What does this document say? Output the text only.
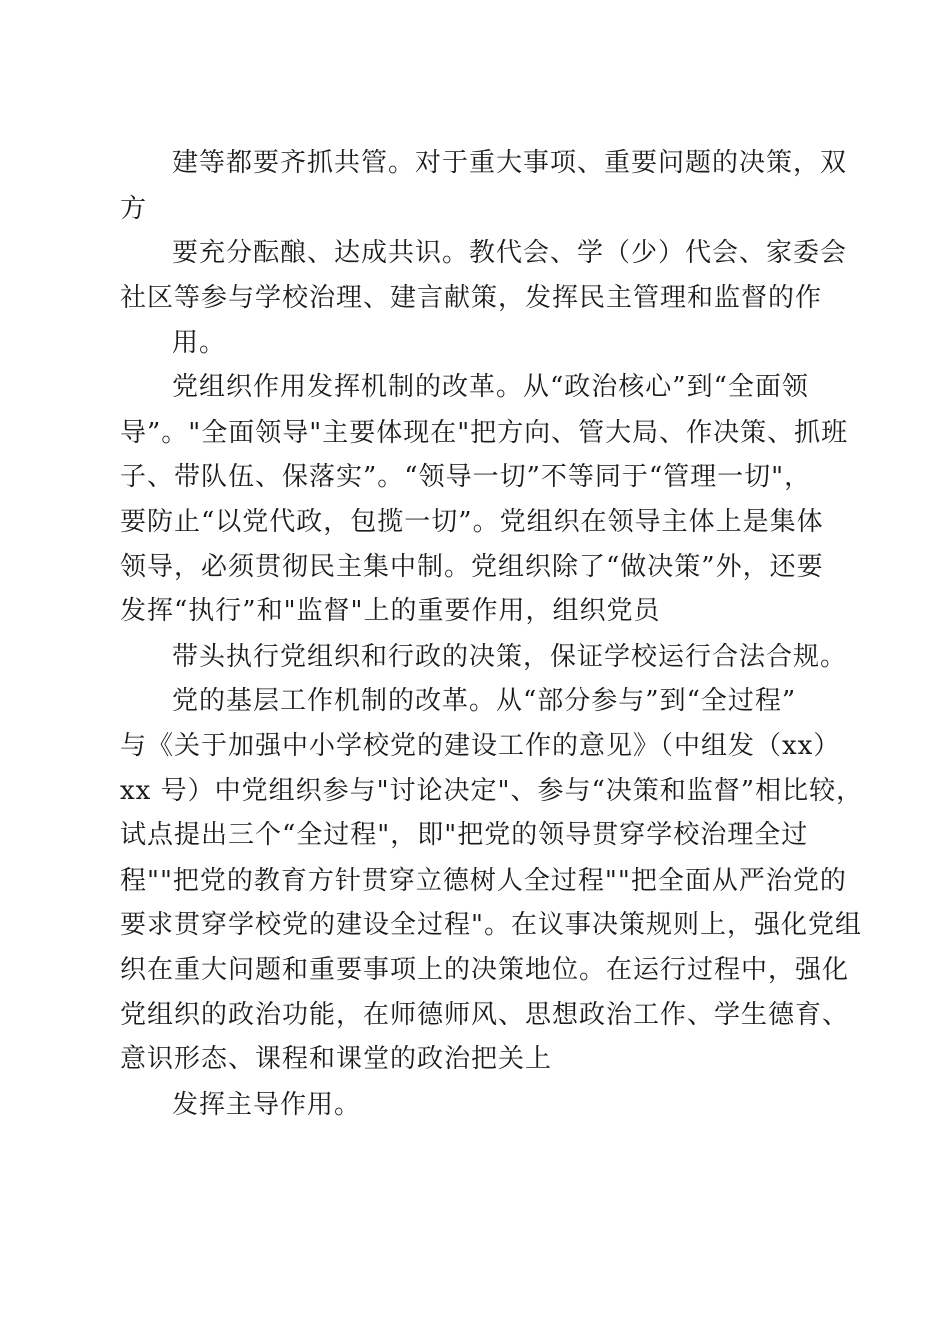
建等都要齐抓共管。对于重大事项、重要问题的决策，双
方
要充分酝酿、达成共识。教代会、学（少）代会、家委会
社区等参与学校治理、建言献策，发挥民主管理和监督的作
用。
党组织作用发挥机制的改革。从“政治核心”到“全面领
导”。"全面领导"主要体现在"把方向、管大局、作决策、抓班
子、带队伍、保落实”。“领导一切”不等同于“管理一切"，
要防止“以党代政，包揽一切”。党组织在领导主体上是集体
领导，必须贯彻民主集中制。党组织除了“做决策”外，还要
发挥“执行”和"监督"上的重要作用，组织党员
带头执行党组织和行政的决策，保证学校运行合法合规。
党的基层工作机制的改革。从“部分参与”到“全过程”
与《关于加强中小学校党的建设工作的意见》（中组发（xx）
xx 号）中党组织参与"讨论决定"、参与“决策和监督”相比较，
试点提出三个“全过程"，即"把党的领导贯穿学校治理全过
程""把党的教育方针贯穿立德树人全过程""把全面从严治党的
要求贯穿学校党的建设全过程"。在议事决策规则上，强化党组
织在重大问题和重要事项上的决策地位。在运行过程中，强化
党组织的政治功能，在师德师风、思想政治工作、学生德育、
意识形态、课程和课堂的政治把关上
发挥主导作用。
